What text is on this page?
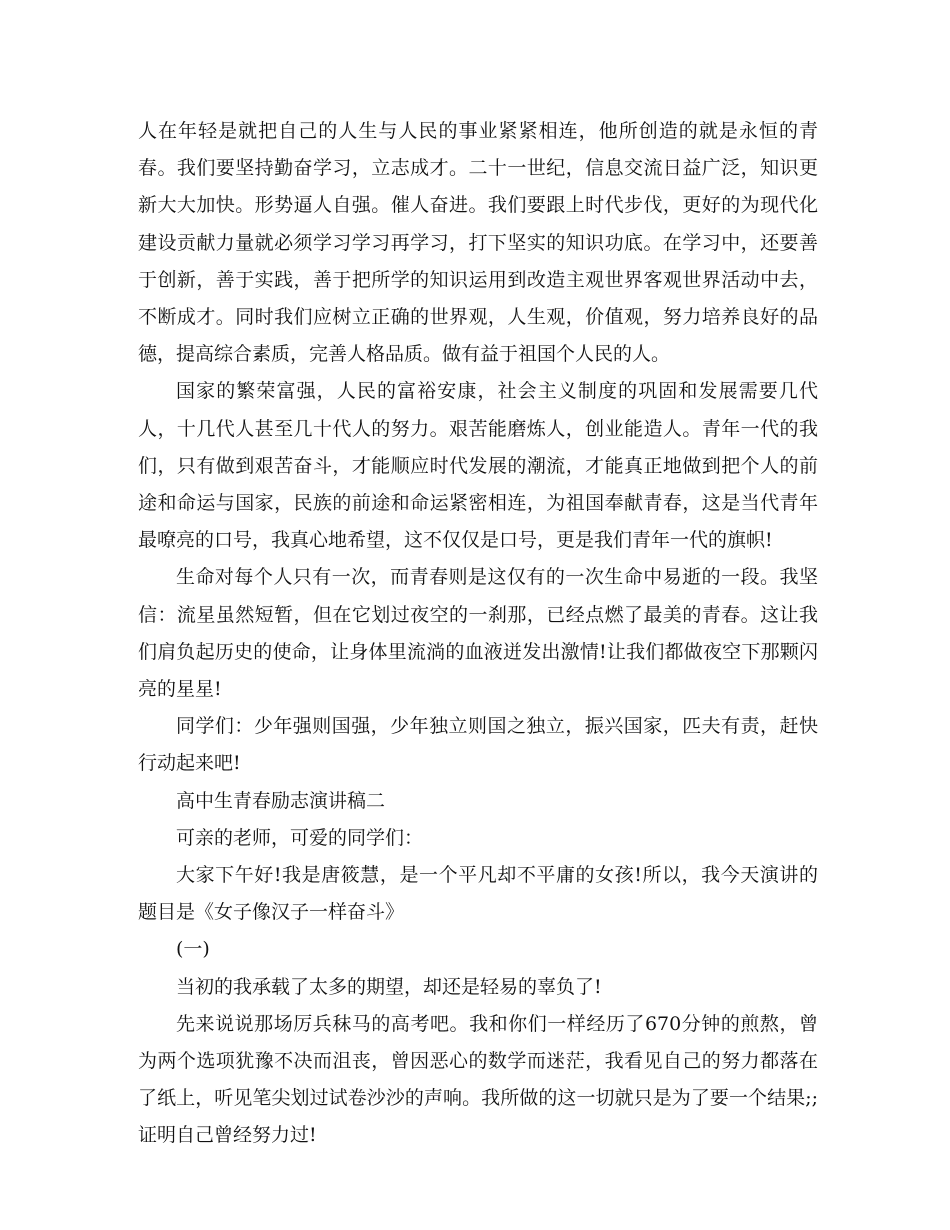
人在年轻是就把自己的人生与人民的事业紧紧相连，他所创造的就是永恒的青春。我们要坚持勤奋学习，立志成才。二十一世纪，信息交流日益广泛，知识更新大大加快。形势逼人自强。催人奋进。我们要跟上时代步伐，更好的为现代化建设贡献力量就必须学习学习再学习，打下坚实的知识功底。在学习中，还要善于创新，善于实践，善于把所学的知识运用到改造主观世界客观世界活动中去，不断成才。同时我们应树立正确的世界观，人生观，价值观，努力培养良好的品德，提高综合素质，完善人格品质。做有益于祖国个人民的人。

国家的繁荣富强，人民的富裕安康，社会主义制度的巩固和发展需要几代人，十几代人甚至几十代人的努力。艰苦能磨炼人，创业能造人。青年一代的我们，只有做到艰苦奋斗，才能顺应时代发展的潮流，才能真正地做到把个人的前途和命运与国家，民族的前途和命运紧密相连，为祖国奉献青春，这是当代青年最嘹亮的口号，我真心地希望，这不仅仅是口号，更是我们青年一代的旗帜!

生命对每个人只有一次，而青春则是这仅有的一次生命中易逝的一段。我坚信：流星虽然短暂，但在它划过夜空的一刹那，已经点燃了最美的青春。这让我们肩负起历史的使命，让身体里流淌的血液迸发出激情!让我们都做夜空下那颗闪亮的星星!

同学们：少年强则国强，少年独立则国之独立，振兴国家，匹夫有责，赶快行动起来吧!

高中生青春励志演讲稿二

可亲的老师，可爱的同学们：

大家下午好!我是唐筱慧，是一个平凡却不平庸的女孩!所以，我今天演讲的题目是《女子像汉子一样奋斗》

(一)

当初的我承载了太多的期望，却还是轻易的辜负了!

先来说说那场厉兵秣马的高考吧。我和你们一样经历了670分钟的煎熬，曾为两个选项犹豫不决而沮丧，曾因恶心的数学而迷茫，我看见自己的努力都落在了纸上，听见笔尖划过试卷沙沙的声响。我所做的这一切就只是为了要一个结果;;证明自己曾经努力过!
